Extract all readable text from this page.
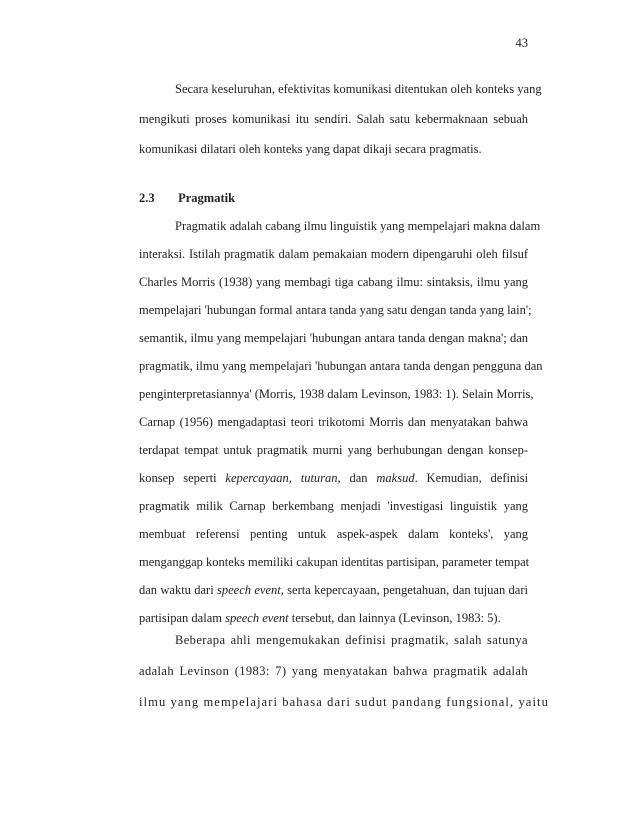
43
Secara keseluruhan, efektivitas komunikasi ditentukan oleh konteks yang
mengikuti proses komunikasi itu sendiri. Salah satu kebermaknaan sebuah
komunikasi dilatari oleh konteks yang dapat dikaji secara pragmatis.
2.3 Pragmatik
Pragmatik adalah cabang ilmu linguistik yang mempelajari makna dalam
interaksi. Istilah pragmatik dalam pemakaian modern dipengaruhi oleh filsuf
Charles Morris (1938) yang membagi tiga cabang ilmu: sintaksis, ilmu yang
mempelajari 'hubungan formal antara tanda yang satu dengan tanda yang lain';
semantik, ilmu yang mempelajari 'hubungan antara tanda dengan makna'; dan
pragmatik, ilmu yang mempelajari 'hubungan antara tanda dengan pengguna dan
penginterpretasiannya' (Morris, 1938 dalam Levinson, 1983: 1). Selain Morris,
Carnap (1956) mengadaptasi teori trikotomi Morris dan menyatakan bahwa
terdapat tempat untuk pragmatik murni yang berhubungan dengan konsep-
konsep seperti kepercayaan, tuturan, dan maksud. Kemudian, definisi
pragmatik milik Carnap berkembang menjadi 'investigasi linguistik yang
membuat referensi penting untuk aspek-aspek dalam konteks', yang
menganggap konteks memiliki cakupan identitas partisipan, parameter tempat
dan waktu dari speech event, serta kepercayaan, pengetahuan, dan tujuan dari
partisipan dalam speech event tersebut, dan lainnya (Levinson, 1983: 5).
Beberapa ahli mengemukakan definisi pragmatik, salah satunya
adalah Levinson (1983: 7) yang menyatakan bahwa pragmatik adalah
ilmu yang mempelajari bahasa dari sudut pandang fungsional, yaitu
